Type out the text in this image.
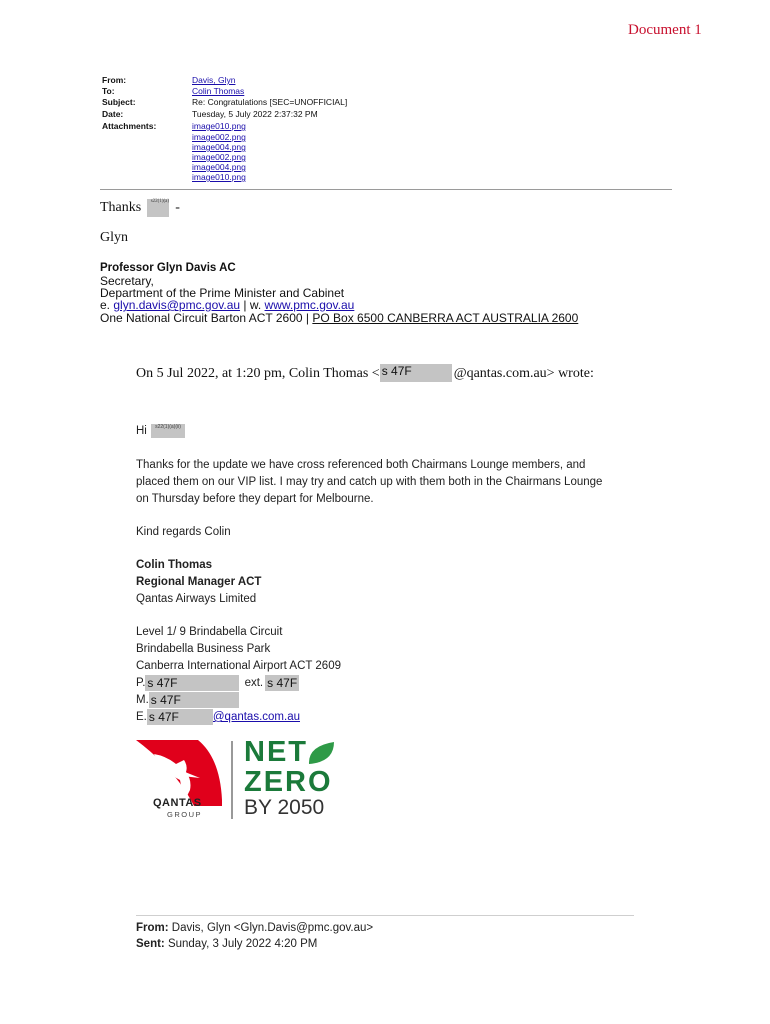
Document 1
From:	Davis, Glyn
To:	Colin Thomas
Subject:	Re: Congratulations [SEC=UNOFFICIAL]
Date:	Tuesday, 5 July 2022 2:37:32 PM
Attachments:	image010.png
image002.png
image004.png
image002.png
image004.png
image010.png
Thanks	s22(1)(a) -
Glyn
Professor Glyn Davis AC
Secretary,
Department of the Prime Minister and Cabinet
e. glyn.davis@pmc.gov.au | w. www.pmc.gov.au
One National Circuit Barton ACT 2600 | PO Box 6500 CANBERRA ACT AUSTRALIA 2600
On 5 Jul 2022, at 1:20 pm, Colin Thomas < s 47F	@qantas.com.au> wrote:
Hi	s22(1)(a)(ii)
Thanks for the update we have cross referenced both Chairmans Lounge members, and
placed them on our VIP list. I may try and catch up with them both in the Chairmans Lounge
on Thursday before they depart for Melbourne.
Kind regards Colin
Colin Thomas
Regional Manager ACT
Qantas Airways Limited
Level 1/ 9 Brindabella Circuit
Brindabella Business Park
Canberra International Airport ACT 2609
P. s 47F	ext. s 47F
M. s 47F
E. s 47F	@qantas.com.au
QANTAS
GROUP
NET
ZERO
BY 2050
From: Davis, Glyn <Glyn.Davis@pmc.gov.au>
Sent: Sunday, 3 July 2022 4:20 PM
